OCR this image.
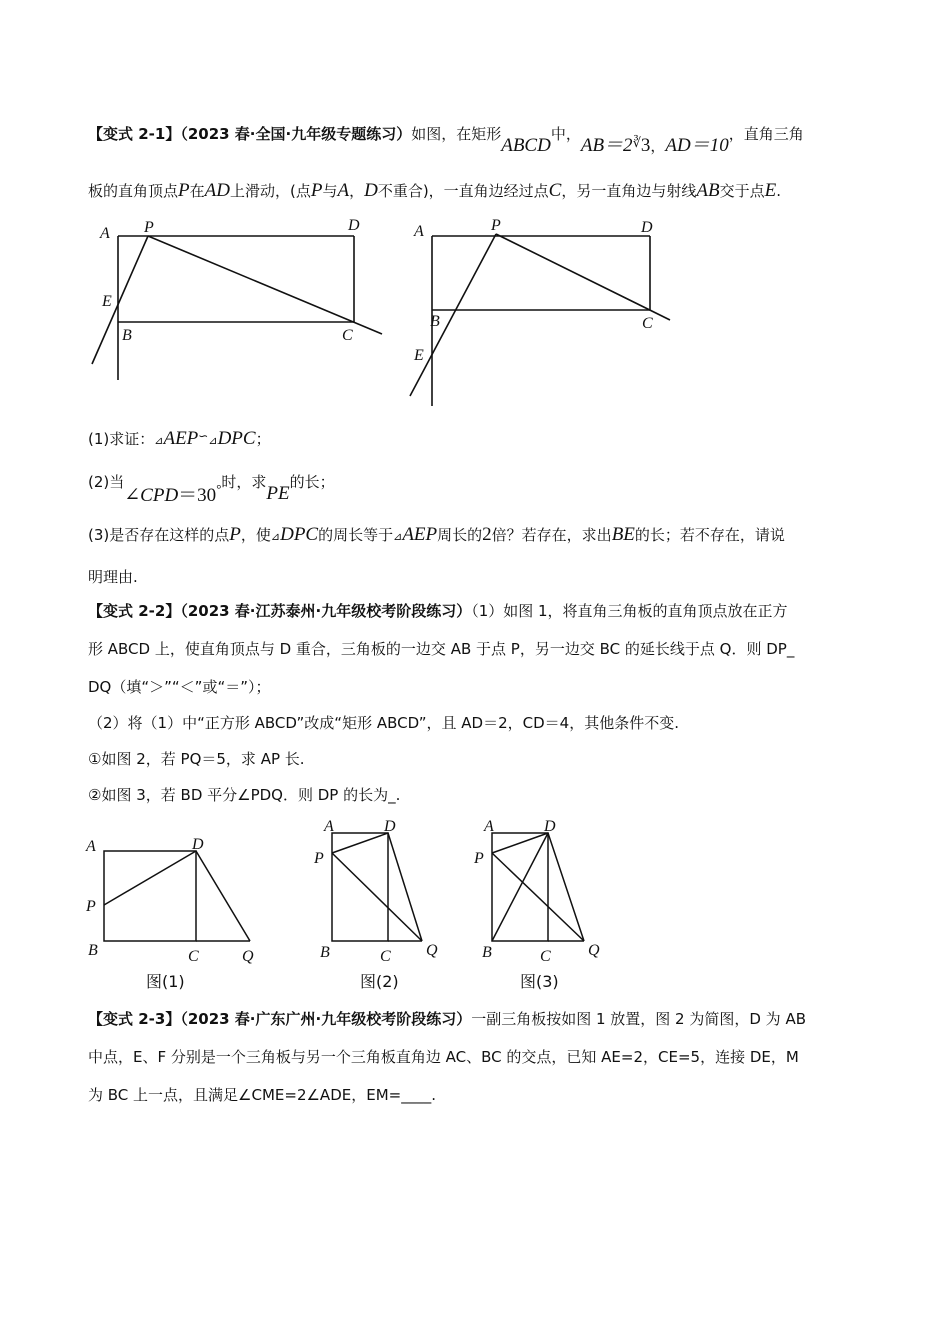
【变式 2-1】（2023 春·全国·九年级专题练习）如图，在矩形ABCD中，AB＝2∛3，AD＝10，直角三角
板的直角顶点P在AD上滑动，(点P与A，D不重合)，一直角边经过点C，另一直角边与射线AB交于点E.
A P	D
E
B	C
A	P	D
B	C
E
(1)求证：⊿AEP∽⊿DPC；
(2)当∠CPD＝30°时，求PE的长；
(3)是否存在这样的点P，使⊿DPC的周长等于⊿AEP周长的2倍？若存在，求出BE的长；若不存在，请说
明理由.
【变式 2-2】（2023 春·江苏泰州·九年级校考阶段练习）（1）如图 1，将直角三角板的直角顶点放在正方
形 ABCD 上，使直角顶点与 D 重合，三角板的一边交 AB 于点 P，另一边交 BC 的延长线于点 Q．则 DP_
DQ（填“＞”“＜”或“＝”）；
（2）将（1）中“正方形 ABCD”改成“矩形 ABCD”，且 AD＝2，CD＝4，其他条件不变.
①如图 2，若 PQ＝5，求 AP 长.
②如图 3，若 BD 平分∠PDQ．则 DP 的长为_.
A	D
P
B	C	Q
图(1)
A	D
P
B	C Q
图(2)
A	D
P
B	C Q
图(3)
【变式 2-3】（2023 春·广东广州·九年级校考阶段练习）一副三角板按如图 1 放置，图 2 为简图，D 为 AB
中点，E、F 分别是一个三角板与另一个三角板直角边 AC、BC 的交点，已知 AE=2，CE=5，连接 DE，M
为 BC 上一点，且满足∠CME=2∠ADE，EM=____.
